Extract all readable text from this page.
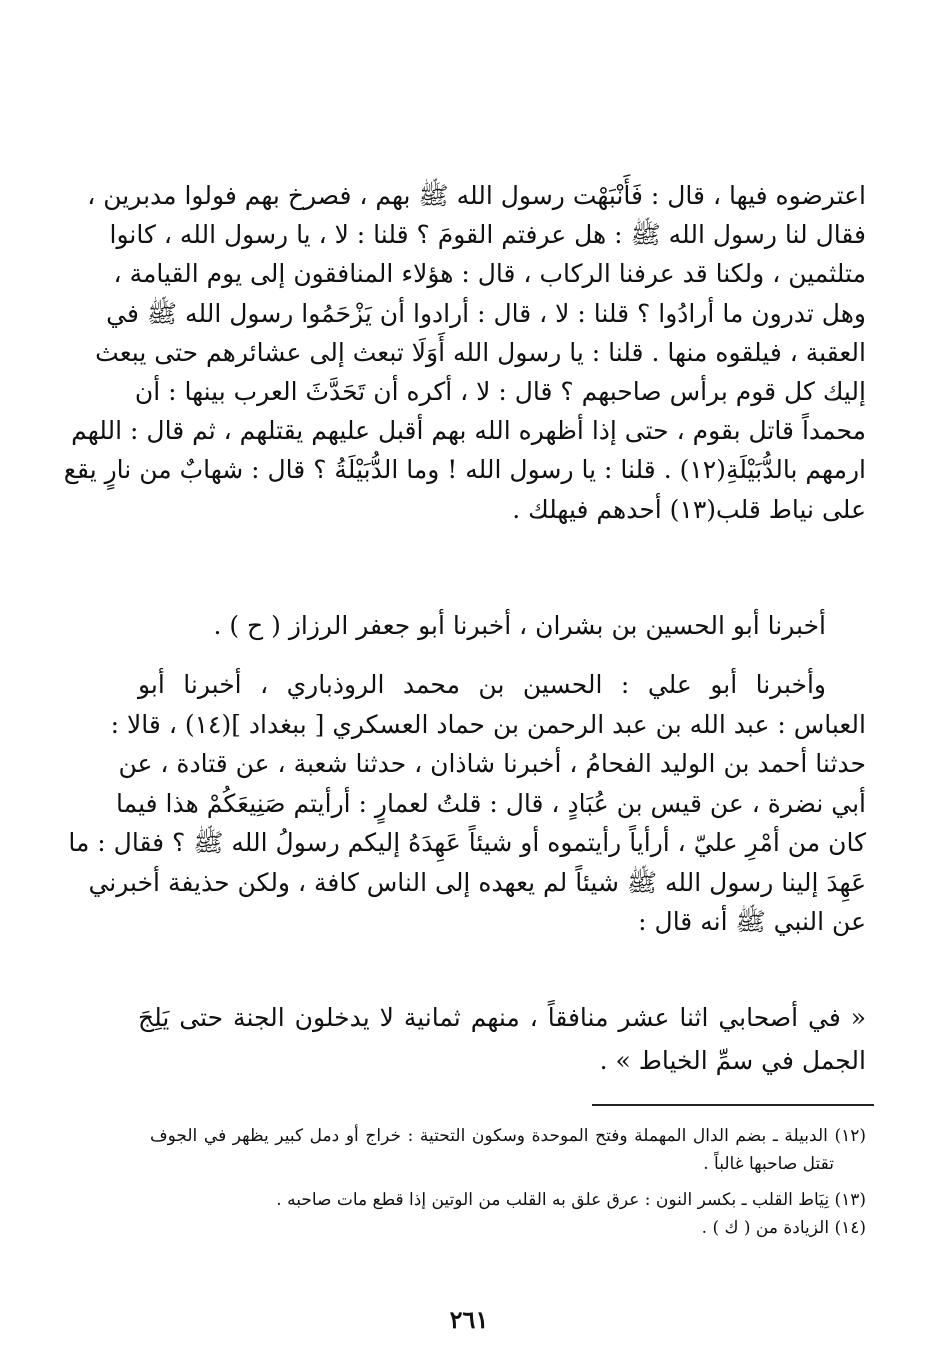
اعترضوه فيها ، قال : فَأَنْبَهْت رسول الله ﷺ بهم ، فصرخ بهم فولوا مدبرين ،
فقال لنا رسول الله ﷺ : هل عرفتم القومَ ؟ قلنا : لا ، يا رسول الله ، كانوا
متلثمين ، ولكنا قد عرفنا الركاب ، قال : هؤلاء المنافقون إلى يوم القيامة ،
وهل تدرون ما أرادُوا ؟ قلنا : لا ، قال : أرادوا أن يَزْحَمُوا رسول الله ﷺ في
العقبة ، فيلقوه منها . قلنا : يا رسول الله أَوَلَا تبعث إلى عشائرهم حتى يبعث
إليك كل قوم برأس صاحبهم ؟ قال : لا ، أكره أن تَحَدَّثَ العرب بينها : أن
محمداً قاتل بقوم ، حتى إذا أظهره الله بهم أقبل عليهم يقتلهم ، ثم قال : اللهم
ارمهم بالدُّبَيْلَةِ(١٢) . قلنا : يا رسول الله ! وما الدُّبَيْلَةُ ؟ قال : شهابٌ من نارٍ يقع
على نياط قلب(١٣) أحدهم فيهلك .
أخبرنا أبو الحسين بن بشران ، أخبرنا أبو جعفر الرزاز ( ح ) .
وأخبرنا أبو علي : الحسين بن محمد الروذباري ، أخبرنا أبو
العباس : عبد الله بن عبد الرحمن بن حماد العسكري [ ببغداد ](١٤) ، قالا :
حدثنا أحمد بن الوليد الفحامُ ، أخبرنا شاذان ، حدثنا شعبة ، عن قتادة ، عن
أبي نضرة ، عن قيس بن عُبَادٍ ، قال : قلتُ لعمارٍ : أرأيتم صَنِيعَكُمْ هذا فيما
كان من أمْرِ عليّ ، أرأياً رأيتموه أو شيئاً عَهِدَهُ إليكم رسولُ الله ﷺ ؟ فقال : ما
عَهِدَ إلينا رسول الله ﷺ شيئاً لم يعهده إلى الناس كافة ، ولكن حذيفة أخبرني
عن النبي ﷺ أنه قال :
« في أصحابي اثنا عشر منافقاً ، منهم ثمانية لا يدخلون الجنة حتى يَلِجَ
الجمل في سمِّ الخياط » .
(١٢) الدبيلة ـ بضم الدال المهملة وفتح الموحدة وسكون التحتية : خراج أو دمل كبير يظهر في الجوف
تقتل صاحبها غالباً .
(١٣) نِيَاط القلب ـ بكسر النون : عرق علق به القلب من الوتين إذا قطع مات صاحبه .
(١٤) الزيادة من ( ك ) .
٢٦١
